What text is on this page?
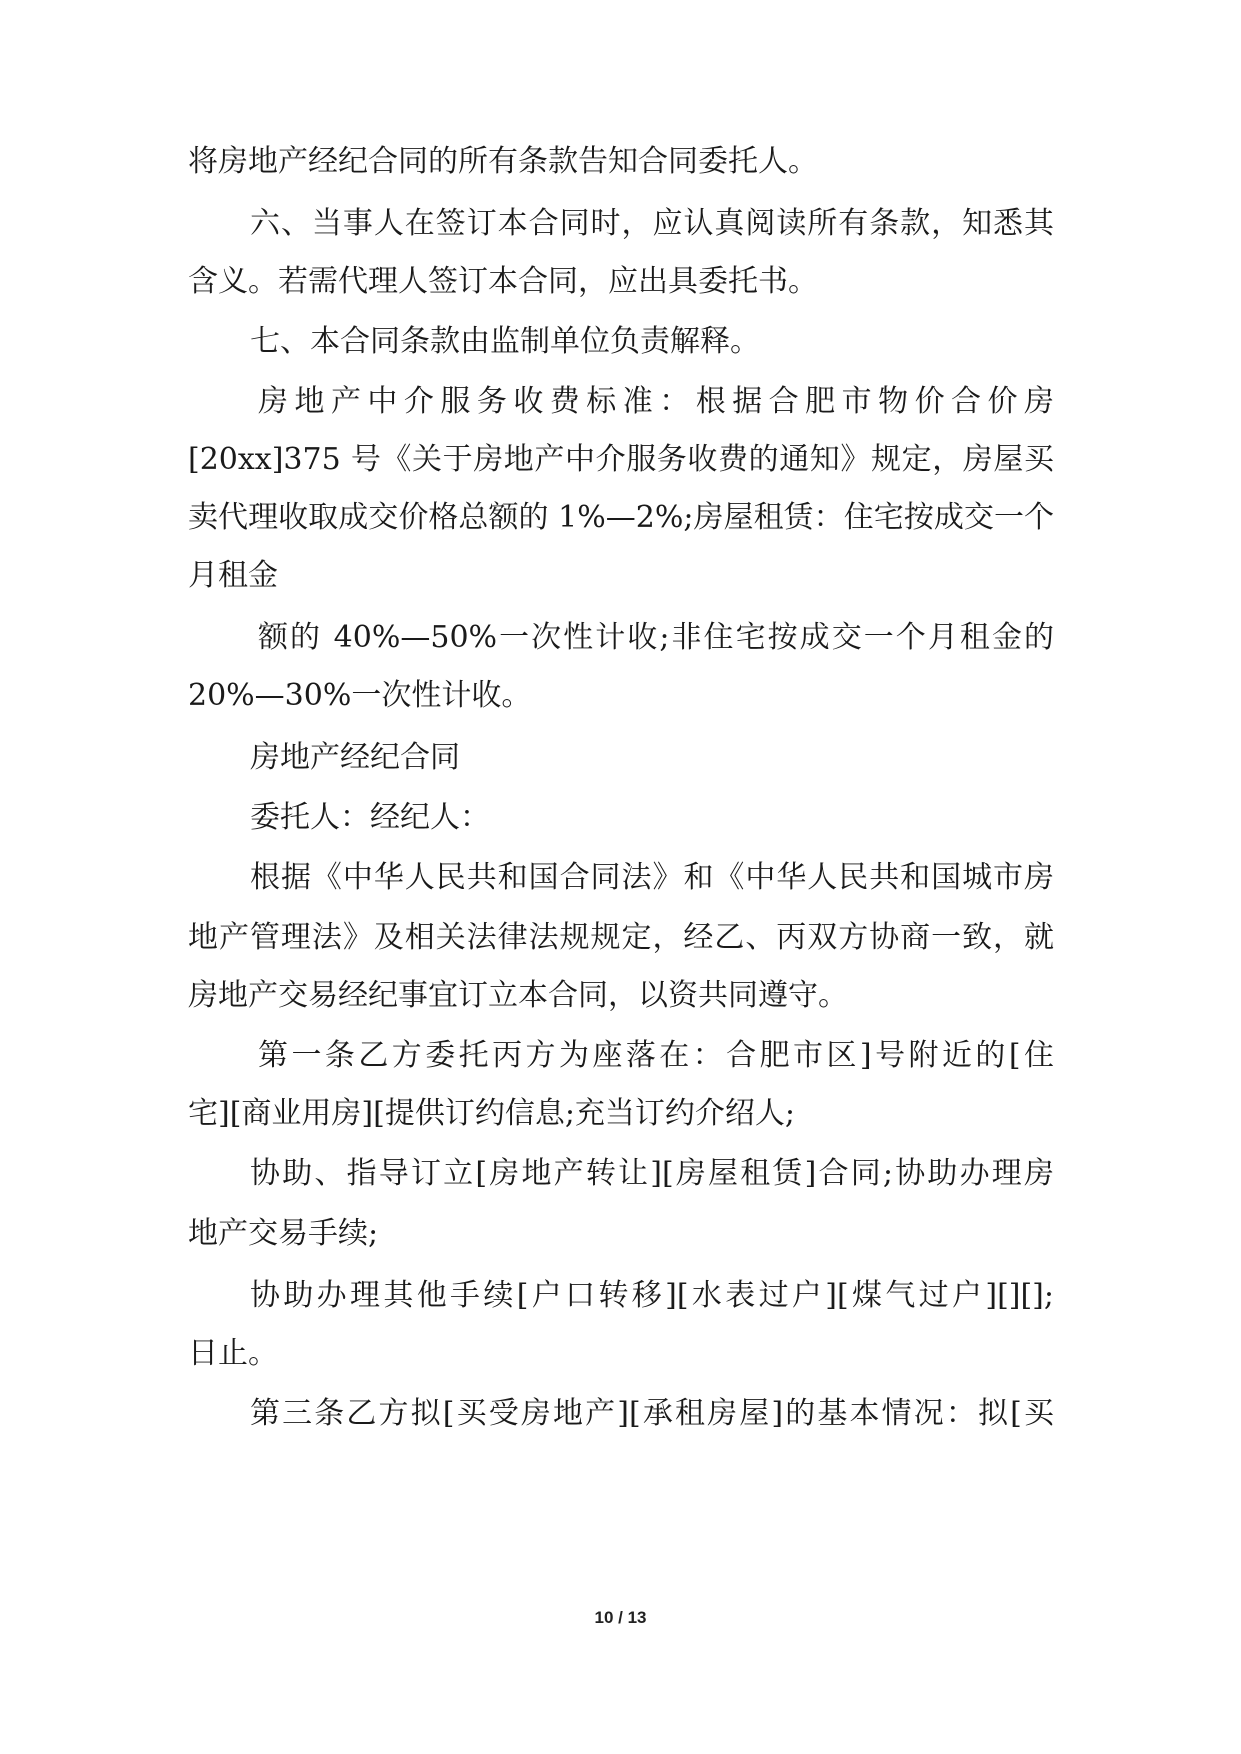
将房地产经纪合同的所有条款告知合同委托人。
六、当事人在签订本合同时，应认真阅读所有条款，知悉其
含义。若需代理人签订本合同，应出具委托书。
七、本合同条款由监制单位负责解释。
房地产中介服务收费标准：根据合肥市物价合价房
[20xx]375 号《关于房地产中介服务收费的通知》规定，房屋买
卖代理收取成交价格总额的 1%—2%;房屋租赁：住宅按成交一个
月租金
额的 40%—50%一次性计收;非住宅按成交一个月租金的
20%—30%一次性计收。
房地产经纪合同
委托人：经纪人：
根据《中华人民共和国合同法》和《中华人民共和国城市房
地产管理法》及相关法律法规规定，经乙、丙双方协商一致，就
房地产交易经纪事宜订立本合同，以资共同遵守。
第一条乙方委托丙方为座落在：合肥市区]号附近的[住
宅][商业用房][提供订约信息;充当订约介绍人;
协助、指导订立[房地产转让][房屋租赁]合同;协助办理房
地产交易手续;
协助办理其他手续[户口转移][水表过户][煤气过户][][];
日止。
第三条乙方拟[买受房地产][承租房屋]的基本情况：拟[买
10 / 13
